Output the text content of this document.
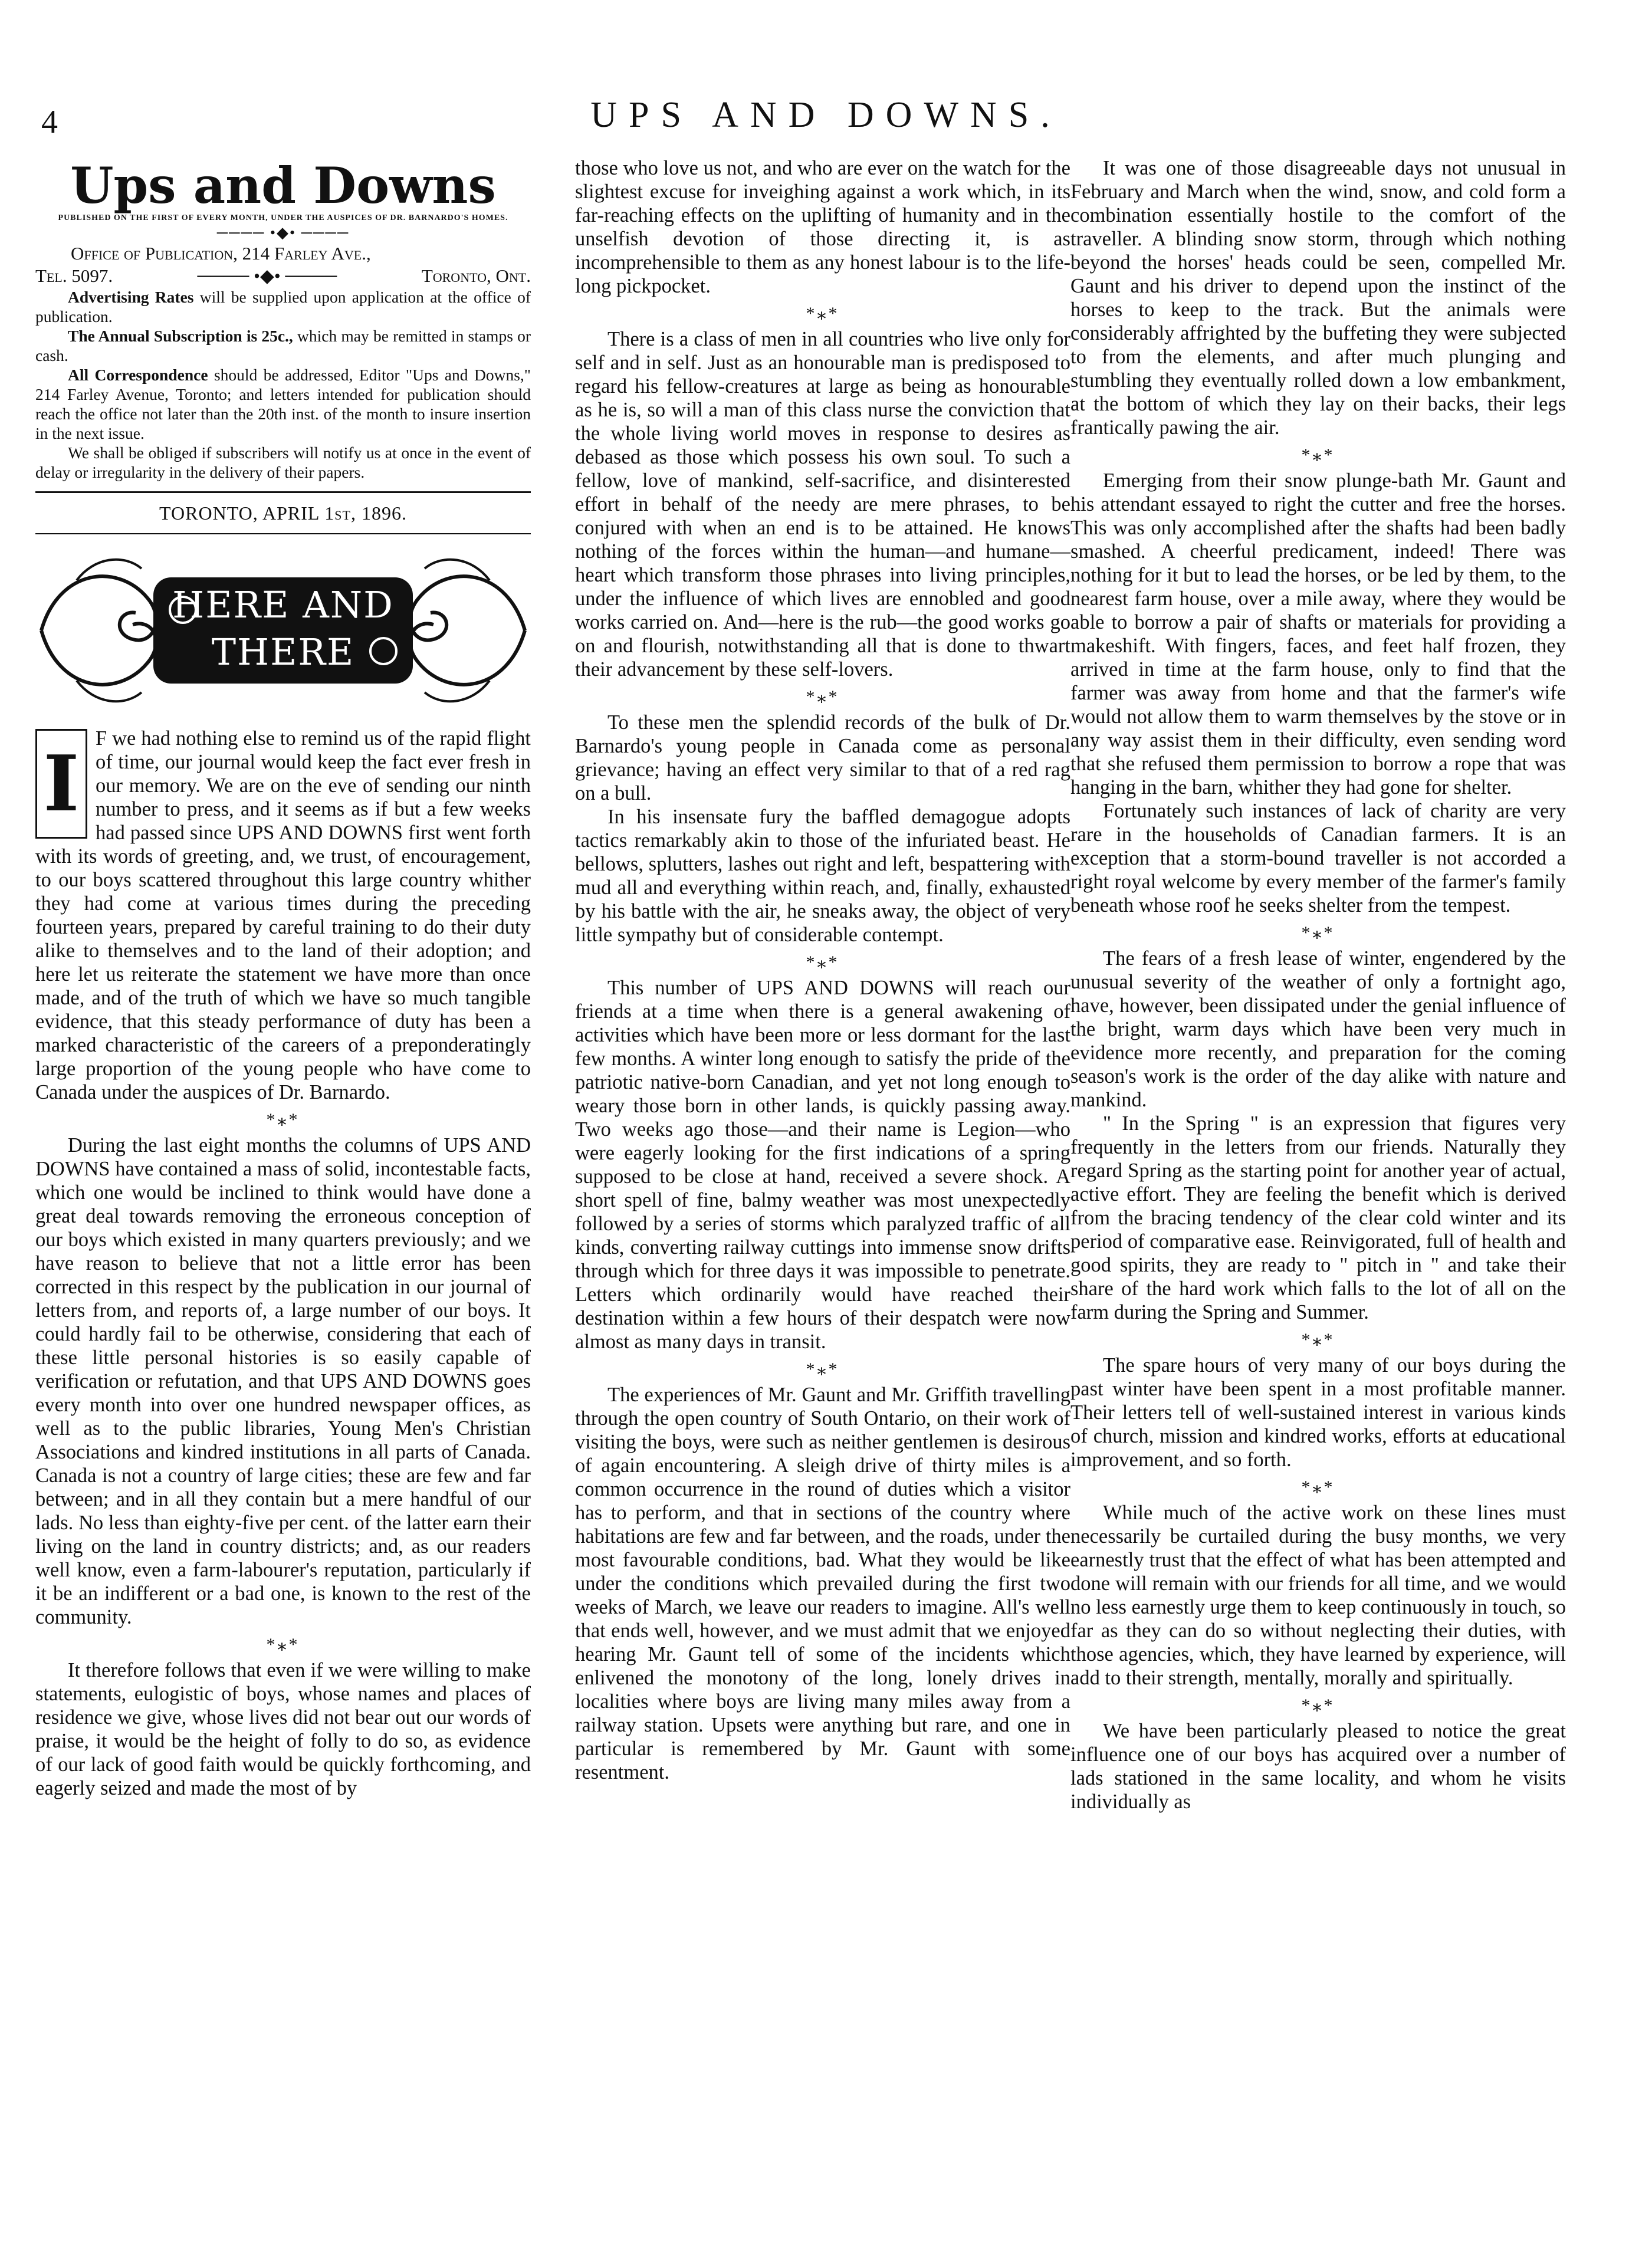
4	UPS AND DOWNS.
Ups and Downs
PUBLISHED ON THE FIRST OF EVERY MONTH, UNDER THE AUSPICES OF DR. BARNARDO'S HOMES.
──── •◆• ────
Office of Publication, 214 Farley Ave.,
Tel. 5097.	──── •◆• ────	Toronto, Ont.

Advertising Rates will be supplied upon application at the office of publication.

The Annual Subscription is 25c., which may be remitted in stamps or cash.

All Correspondence should be addressed, Editor "Ups and Downs," 214 Farley Avenue, Toronto; and letters intended for publication should reach the office not later than the 20th inst. of the month to insure insertion in the next issue.

We shall be obliged if subscribers will notify us at once in the event of delay or irregularity in the delivery of their papers.

TORONTO, APRIL 1st, 1896.
HERE AND
THERE
I F we had nothing else to remind us of the rapid flight of time, our journal would keep the fact ever fresh in our memory. We are on the eve of sending our ninth number to press, and it seems as if but a few weeks had passed since UPS AND DOWNS first went forth with its words of greeting, and, we trust, of encouragement, to our boys scattered throughout this large country whither they had come at various times during the preceding fourteen years, prepared by careful training to do their duty alike to themselves and to the land of their adoption; and here let us reiterate the statement we have more than once made, and of the truth of which we have so much tangible evidence, that this steady performance of duty has been a marked characteristic of the careers of a preponderatingly large proportion of the young people who have come to Canada under the auspices of Dr. Barnardo.

*⁎*

During the last eight months the columns of UPS AND DOWNS have contained a mass of solid, incontestable facts, which one would be inclined to think would have done a great deal towards removing the erroneous conception of our boys which existed in many quarters previously; and we have reason to believe that not a little error has been corrected in this respect by the publication in our journal of letters from, and reports of, a large number of our boys. It could hardly fail to be otherwise, considering that each of these little personal histories is so easily capable of verification or refutation, and that UPS AND DOWNS goes every month into over one hundred newspaper offices, as well as to the public libraries, Young Men's Christian Associations and kindred institutions in all parts of Canada. Canada is not a country of large cities; these are few and far between; and in all they contain but a mere handful of our lads. No less than eighty-five per cent. of the latter earn their living on the land in country districts; and, as our readers well know, even a farm-labourer's reputation, particularly if it be an indifferent or a bad one, is known to the rest of the community.

*⁎*

It therefore follows that even if we were willing to make statements, eulogistic of boys, whose names and places of residence we give, whose lives did not bear out our words of praise, it would be the height of folly to do so, as evidence of our lack of good faith would be quickly forthcoming, and eagerly seized and made the most of by

those who love us not, and who are ever on the watch for the slightest excuse for inveighing against a work which, in its far-reaching effects on the uplifting of humanity and in the unselfish devotion of those directing it, is as incomprehensible to them as any honest labour is to the life-long pickpocket.

*⁎*

There is a class of men in all countries who live only for self and in self. Just as an honourable man is predisposed to regard his fellow-creatures at large as being as honourable as he is, so will a man of this class nurse the conviction that the whole living world moves in response to desires as debased as those which possess his own soul. To such a fellow, love of mankind, self-sacrifice, and disinterested effort in behalf of the needy are mere phrases, to be conjured with when an end is to be attained. He knows nothing of the forces within the human—and humane—heart which transform those phrases into living principles, under the influence of which lives are ennobled and good works carried on. And—here is the rub—the good works go on and flourish, notwithstanding all that is done to thwart their advancement by these self-lovers.

*⁎*

To these men the splendid records of the bulk of Dr. Barnardo's young people in Canada come as personal grievance; having an effect very similar to that of a red rag on a bull.

In his insensate fury the baffled demagogue adopts tactics remarkably akin to those of the infuriated beast. He bellows, splutters, lashes out right and left, bespattering with mud all and everything within reach, and, finally, exhausted by his battle with the air, he sneaks away, the object of very little sympathy but of considerable contempt.

*⁎*

This number of UPS AND DOWNS will reach our friends at a time when there is a general awakening of activities which have been more or less dormant for the last few months. A winter long enough to satisfy the pride of the patriotic native-born Canadian, and yet not long enough to weary those born in other lands, is quickly passing away. Two weeks ago those—and their name is Legion—who were eagerly looking for the first indications of a spring supposed to be close at hand, received a severe shock. A short spell of fine, balmy weather was most unexpectedly followed by a series of storms which paralyzed traffic of all kinds, converting railway cuttings into immense snow drifts through which for three days it was impossible to penetrate. Letters which ordinarily would have reached their destination within a few hours of their despatch were now almost as many days in transit.

*⁎*

The experiences of Mr. Gaunt and Mr. Griffith travelling through the open country of South Ontario, on their work of visiting the boys, were such as neither gentlemen is desirous of again encountering. A sleigh drive of thirty miles is a common occurrence in the round of duties which a visitor has to perform, and that in sections of the country where habitations are few and far between, and the roads, under the most favourable conditions, bad. What they would be like under the conditions which prevailed during the first two weeks of March, we leave our readers to imagine. All's well that ends well, however, and we must admit that we enjoyed hearing Mr. Gaunt tell of some of the incidents which enlivened the monotony of the long, lonely drives in localities where boys are living many miles away from a railway station. Upsets were anything but rare, and one in particular is remembered by Mr. Gaunt with some resentment.

It was one of those disagreeable days not unusual in February and March when the wind, snow, and cold form a combination essentially hostile to the comfort of the traveller. A blinding snow storm, through which nothing beyond the horses' heads could be seen, compelled Mr. Gaunt and his driver to depend upon the instinct of the horses to keep to the track. But the animals were considerably affrighted by the buffeting they were subjected to from the elements, and after much plunging and stumbling they eventually rolled down a low embankment, at the bottom of which they lay on their backs, their legs frantically pawing the air.

*⁎*

Emerging from their snow plunge-bath Mr. Gaunt and his attendant essayed to right the cutter and free the horses. This was only accomplished after the shafts had been badly smashed. A cheerful predicament, indeed! There was nothing for it but to lead the horses, or be led by them, to the nearest farm house, over a mile away, where they would be able to borrow a pair of shafts or materials for providing a makeshift. With fingers, faces, and feet half frozen, they arrived in time at the farm house, only to find that the farmer was away from home and that the farmer's wife would not allow them to warm themselves by the stove or in any way assist them in their difficulty, even sending word that she refused them permission to borrow a rope that was hanging in the barn, whither they had gone for shelter.

Fortunately such instances of lack of charity are very rare in the households of Canadian farmers. It is an exception that a storm-bound traveller is not accorded a right royal welcome by every member of the farmer's family beneath whose roof he seeks shelter from the tempest.

*⁎*

The fears of a fresh lease of winter, engendered by the unusual severity of the weather of only a fortnight ago, have, however, been dissipated under the genial influence of the bright, warm days which have been very much in evidence more recently, and preparation for the coming season's work is the order of the day alike with nature and mankind.

" In the Spring " is an expression that figures very frequently in the letters from our friends. Naturally they regard Spring as the starting point for another year of actual, active effort. They are feeling the benefit which is derived from the bracing tendency of the clear cold winter and its period of comparative ease. Reinvigorated, full of health and good spirits, they are ready to " pitch in " and take their share of the hard work which falls to the lot of all on the farm during the Spring and Summer.

*⁎*

The spare hours of very many of our boys during the past winter have been spent in a most profitable manner. Their letters tell of well-sustained interest in various kinds of church, mission and kindred works, efforts at educational improvement, and so forth.

*⁎*

While much of the active work on these lines must necessarily be curtailed during the busy months, we very earnestly trust that the effect of what has been attempted and done will remain with our friends for all time, and we would no less earnestly urge them to keep continuously in touch, so far as they can do so without neglecting their duties, with those agencies, which, they have learned by experience, will add to their strength, mentally, morally and spiritually.

*⁎*

We have been particularly pleased to notice the great influence one of our boys has acquired over a number of lads stationed in the same locality, and whom he visits individually as
